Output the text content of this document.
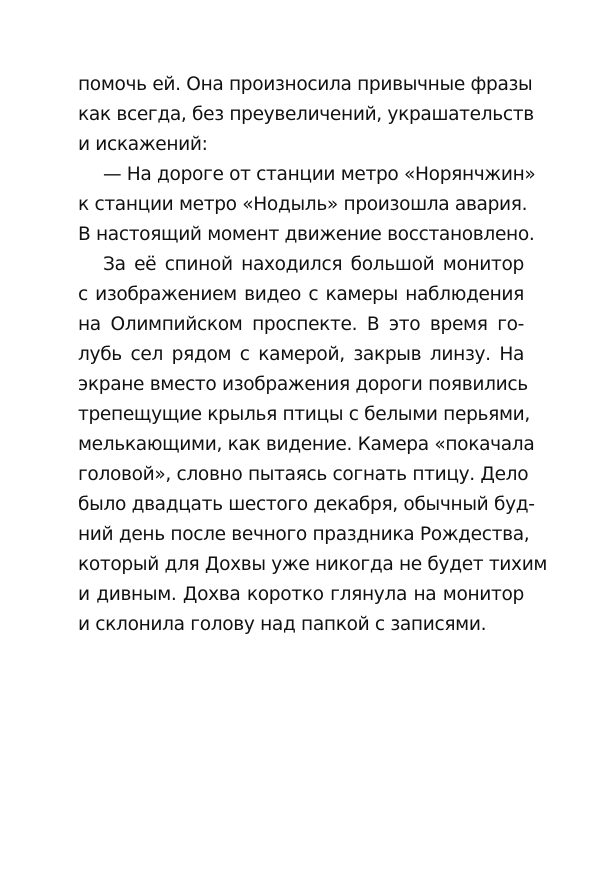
помочь ей. Она произносила привычные фразы
как всегда, без преувеличений, украшательств
и искажений:
— На дороге от станции метро «Норянчжин»
к станции метро «Нодыль» произошла авария.
В настоящий момент движение восстановлено.
За её спиной находился большой монитор
с изображением видео с камеры наблюдения
на Олимпийском проспекте. В это время го-
лубь сел рядом с камерой, закрыв линзу. На
экране вместо изображения дороги появились
трепещущие крылья птицы с белыми перьями,
мелькающими, как видение. Камера «покачала
головой», словно пытаясь согнать птицу. Дело
было двадцать шестого декабря, обычный буд-
ний день после вечного праздника Рождества,
который для Дохвы уже никогда не будет тихим
и дивным. Дохва коротко глянула на монитор
и склонила голову над папкой с записями.
